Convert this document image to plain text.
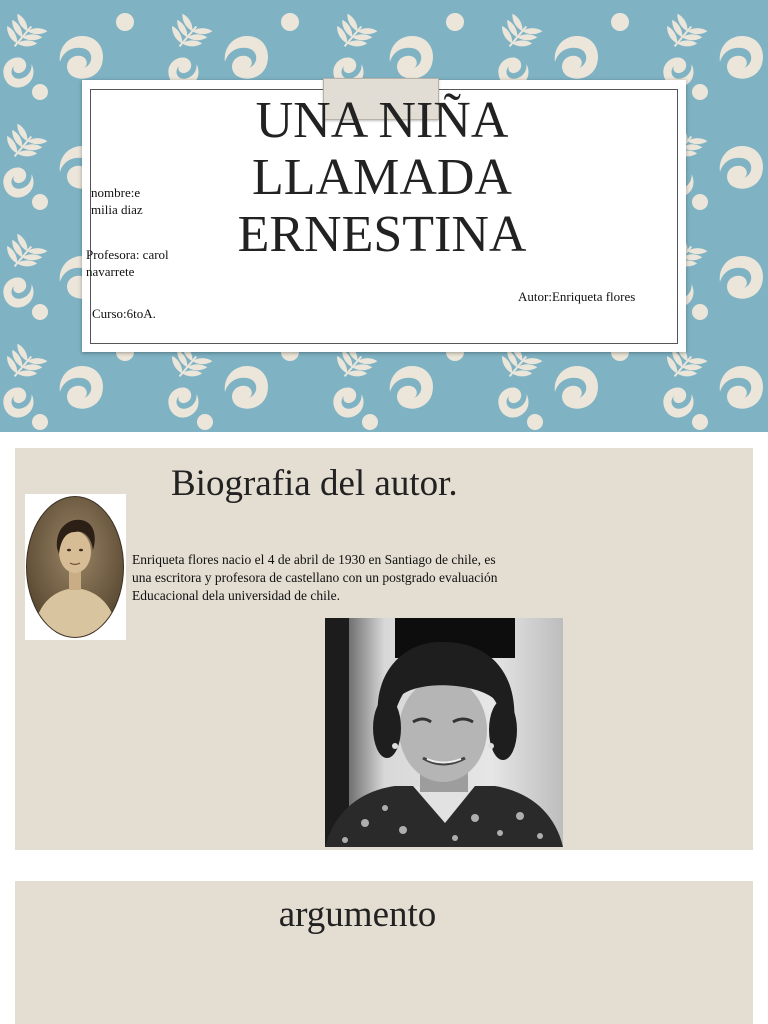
UNA NIÑA
LLAMADA
ERNESTINA
nombre:e milia diaz
Profesora: carol navarrete
Curso:6toA.
Autor:Enriqueta flores
Biografia del autor.

Enriqueta flores nacio el 4 de abril de 1930 en Santiago de chile, es una escritora y profesora de castellano con un postgrado evaluación Educacional dela universidad de chile.

argumento
